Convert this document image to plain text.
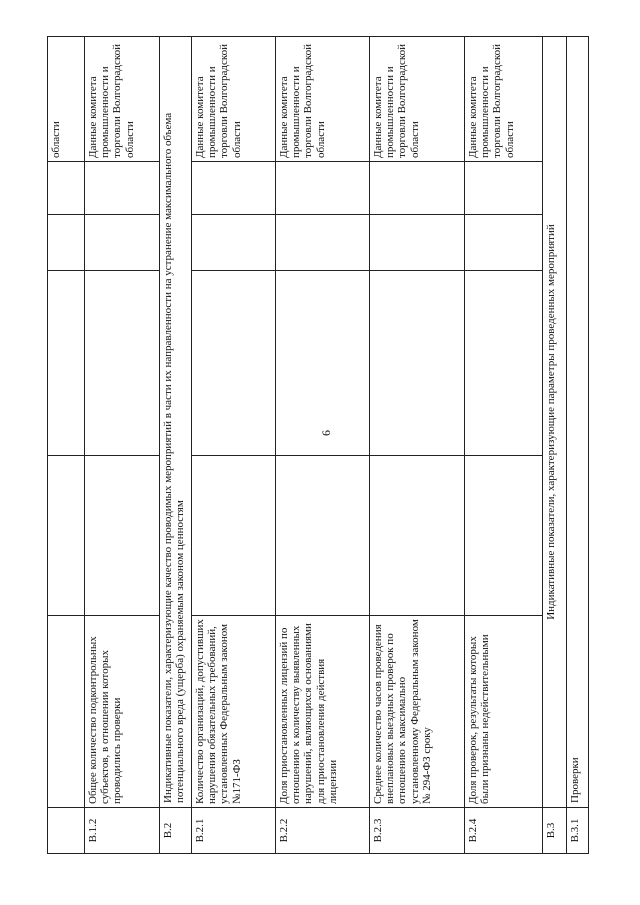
6
области
В.1.2
Общее количество подконтрольных субъектов, в отношении которых проводились проверки
Данные комитета промышленности и торговли Волгоградской области
В.2
Индикативные показатели, характеризующие качество проводимых мероприятий в части их направленности на устранение максимального объема потенциального вреда (ущерба) охраняемым законом ценностям
В.2.1
Количество организаций, допустивших нарушения обязательных требований, установленных Федеральным законом №171-ФЗ
Данные комитета промышленности и торговли Волгоградской области
В.2.2
Доля приостановленных лицензий по отношению к количеству выявленных нарушений, являющихся основаниями для приостановления действия лицензии
Данные комитета промышленности и торговли Волгоградской области
В.2.3
Среднее количество часов проведения внеплановых выездных проверок по отношению к максимально установленному Федеральным законом № 294-ФЗ сроку
Данные комитета промышленности и торговли Волгоградской области
В.2.4
Доля проверок, результаты которых были признаны недействительными
Данные комитета промышленности и торговли Волгоградской области
В.3
Индикативные показатели, характеризующие параметры проведенных мероприятий
В.3.1
Проверки
